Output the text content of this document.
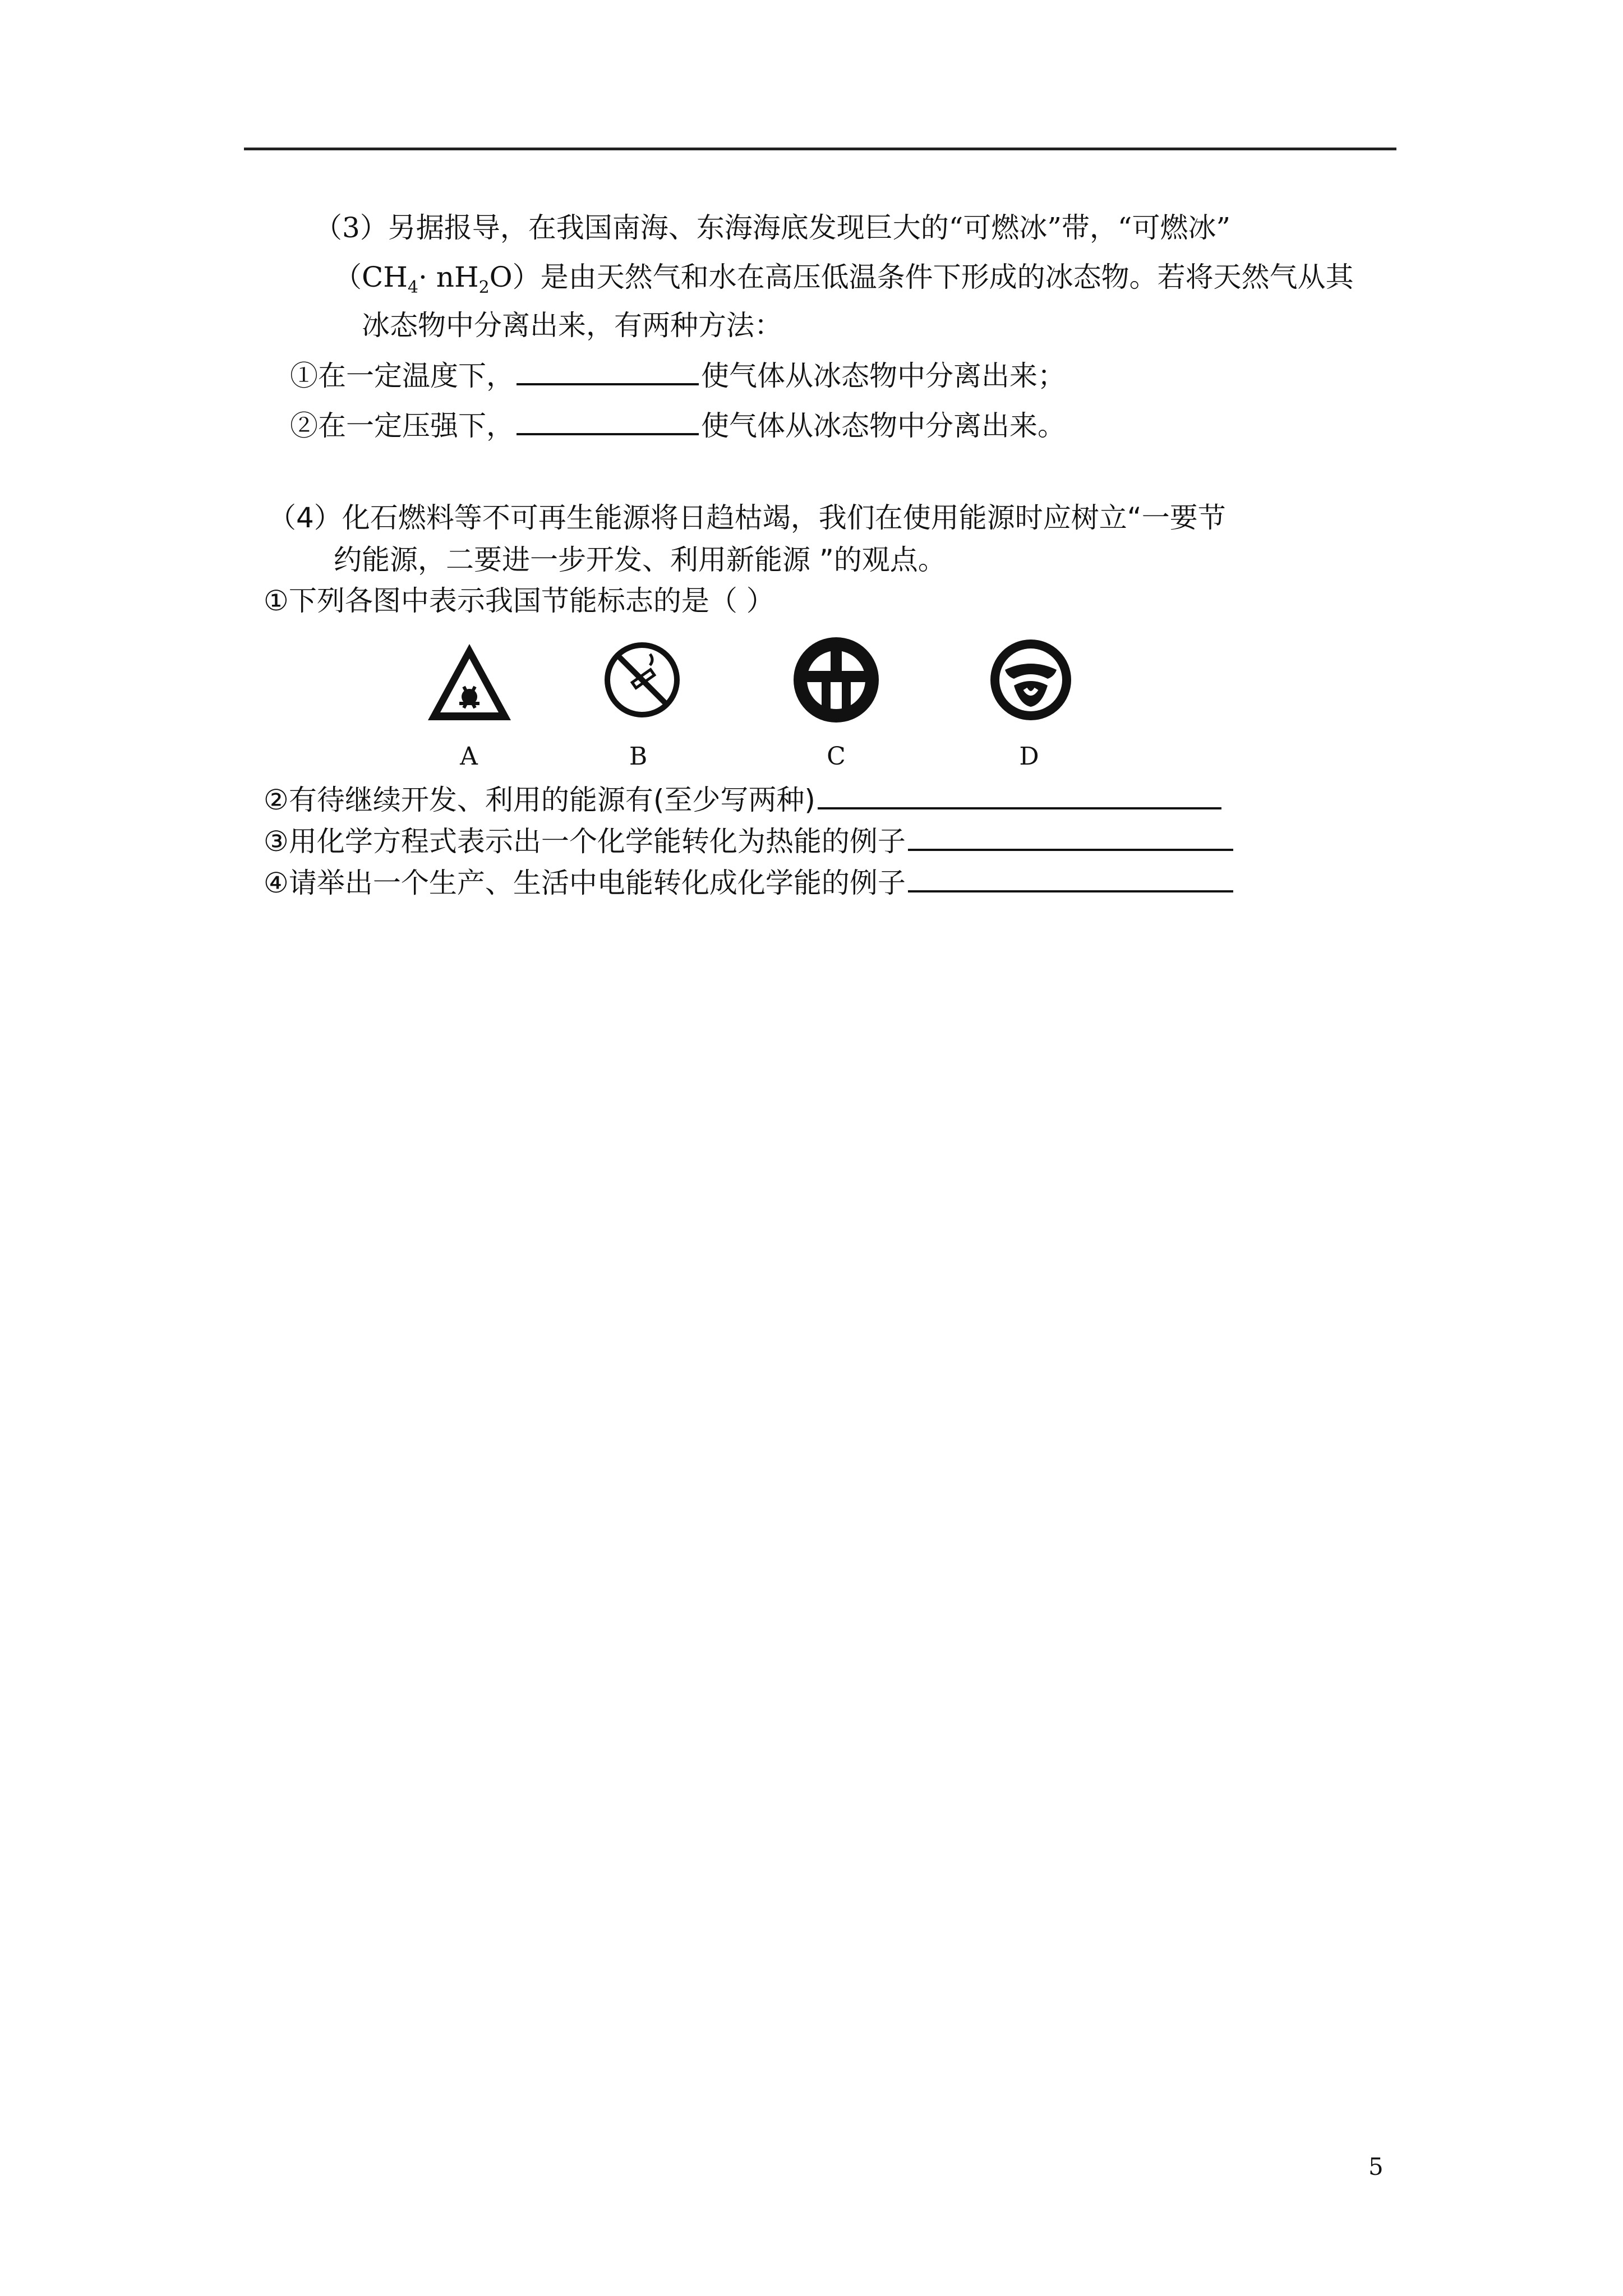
（3）另据报导，在我国南海、东海海底发现巨大的“可燃冰”带，“可燃冰”
$(CH_4\cdot nH_2O)$是由天然气和水在高压低温条件下形成的冰态物。若将天然气从其
冰态物中分离出来，有两种方法：
①在一定温度下，	使气体从冰态物中分离出来；
②在一定压强下，	使气体从冰态物中分离出来。
（4）化石燃料等不可再生能源将日趋枯竭，我们在使用能源时应树立“一要节
约能源，二要进一步开发、利用新能源 ”的观点。
①下列各图中表示我国节能标志的是（ ）
A	B	C	D
②有待继续开发、利用的能源有(至少写两种)
③用化学方程式表示出一个化学能转化为热能的例子
④请举出一个生产、生活中电能转化成化学能的例子
5
